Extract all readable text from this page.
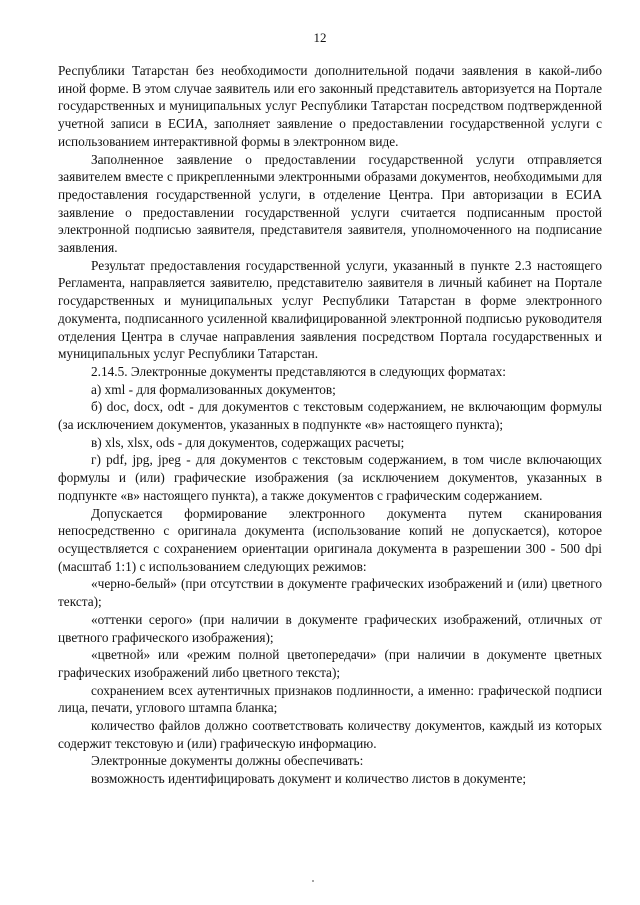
12

Республики Татарстан без необходимости дополнительной подачи заявления в какой-либо иной форме. В этом случае заявитель или его законный представитель авторизуется на Портале государственных и муниципальных услуг Республики Татарстан посредством подтвержденной учетной записи в ЕСИА, заполняет заявление о предоставлении государственной услуги с использованием интерактивной формы в электронном виде.

Заполненное заявление о предоставлении государственной услуги отправляется заявителем вместе с прикрепленными электронными образами документов, необходимыми для предоставления государственной услуги, в отделение Центра. При авторизации в ЕСИА заявление о предоставлении государственной услуги считается подписанным простой электронной подписью заявителя, представителя заявителя, уполномоченного на подписание заявления.

Результат предоставления государственной услуги, указанный в пункте 2.3 настоящего Регламента, направляется заявителю, представителю заявителя в личный кабинет на Портале государственных и муниципальных услуг Республики Татарстан в форме электронного документа, подписанного усиленной квалифицированной электронной подписью руководителя отделения Центра в случае направления заявления посредством Портала государственных и муниципальных услуг Республики Татарстан.

2.14.5. Электронные документы представляются в следующих форматах:

а) xml - для формализованных документов;

б) doc, docx, odt - для документов с текстовым содержанием, не включающим формулы (за исключением документов, указанных в подпункте «в» настоящего пункта);

в) xls, xlsx, ods - для документов, содержащих расчеты;

г) pdf, jpg, jpeg - для документов с текстовым содержанием, в том числе включающих формулы и (или) графические изображения (за исключением документов, указанных в подпункте «в» настоящего пункта), а также документов с графическим содержанием.

Допускается формирование электронного документа путем сканирования непосредственно с оригинала документа (использование копий не допускается), которое осуществляется с сохранением ориентации оригинала документа в разрешении 300 - 500 dpi (масштаб 1:1) с использованием следующих режимов:

«черно-белый» (при отсутствии в документе графических изображений и (или) цветного текста);

«оттенки серого» (при наличии в документе графических изображений, отличных от цветного графического изображения);

«цветной» или «режим полной цветопередачи» (при наличии в документе цветных графических изображений либо цветного текста);

сохранением всех аутентичных признаков подлинности, а именно: графической подписи лица, печати, углового штампа бланка;

количество файлов должно соответствовать количеству документов, каждый из которых содержит текстовую и (или) графическую информацию.

Электронные документы должны обеспечивать:

возможность идентифицировать документ и количество листов в документе;
